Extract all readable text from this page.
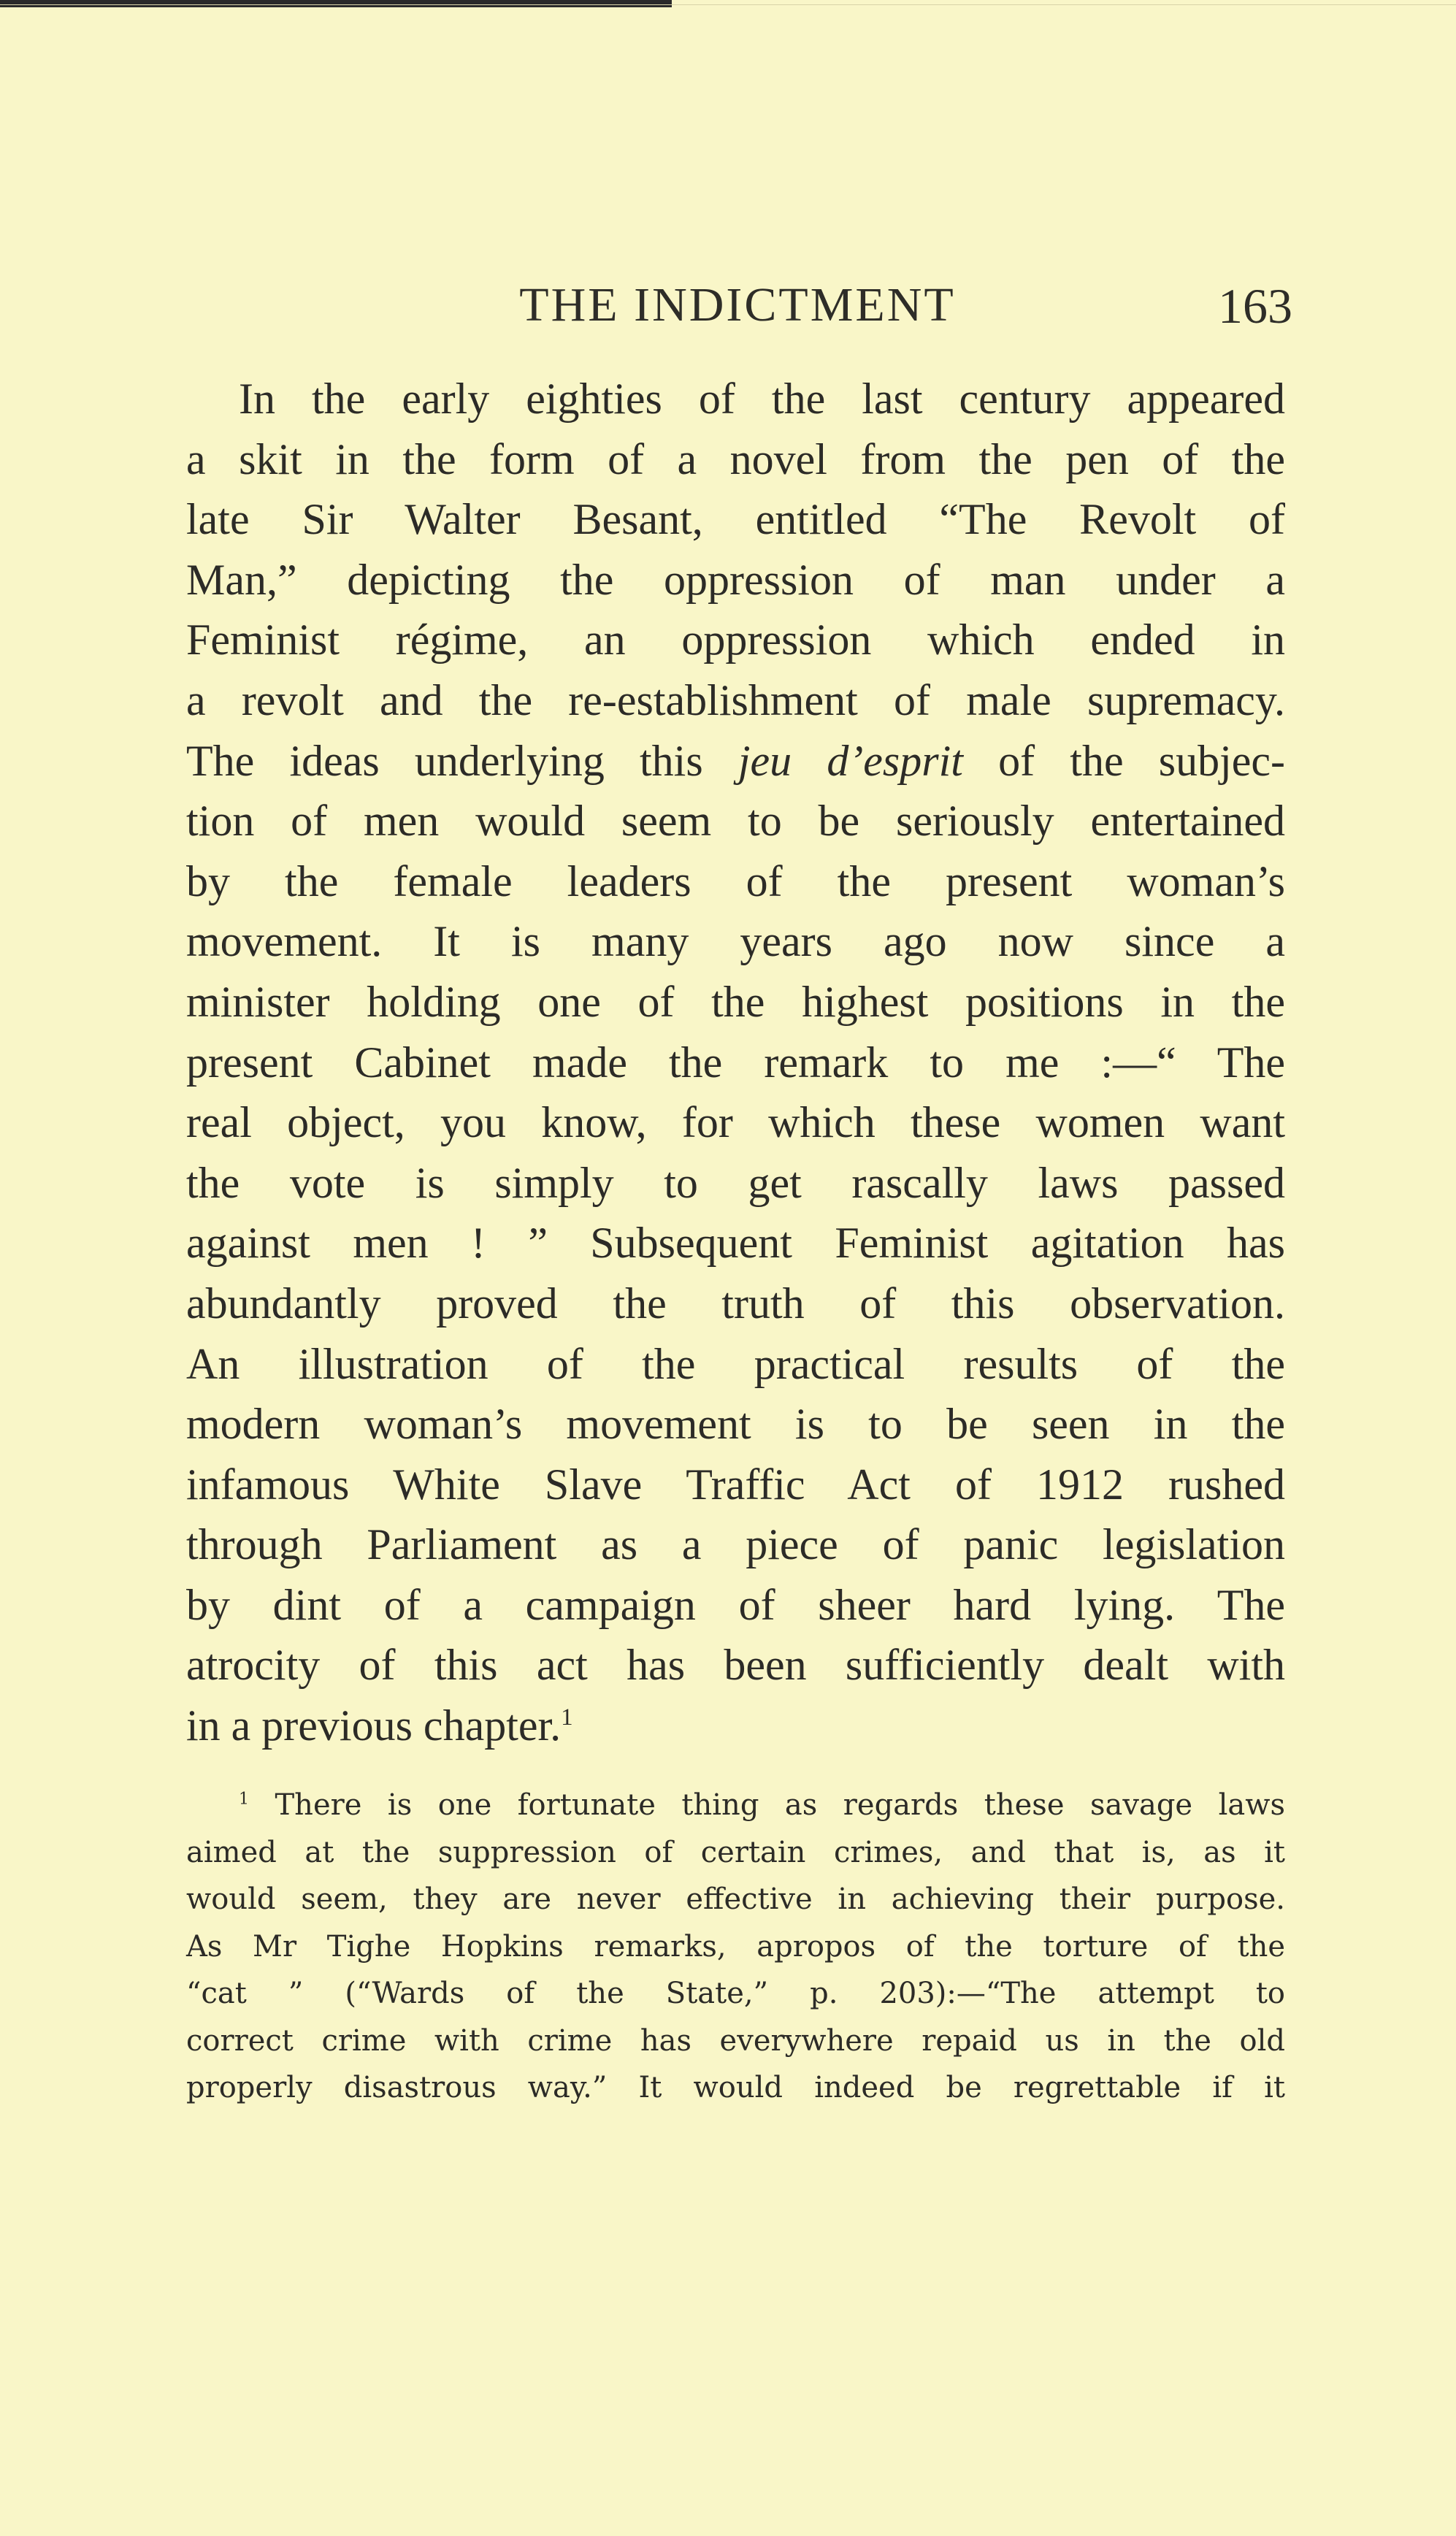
THE INDICTMENT	163
In the early eighties of the last century appeared
a skit in the form of a novel from the pen of the
late Sir Walter Besant, entitled “The Revolt of
Man,” depicting the oppression of man under a
Feminist régime, an oppression which ended in
a revolt and the re-establishment of male supremacy.
The ideas underlying this jeu d’esprit of the subjec-
tion of men would seem to be seriously entertained
by the female leaders of the present woman’s
movement. It is many years ago now since a
minister holding one of the highest positions in the
present Cabinet made the remark to me :—“ The
real object, you know, for which these women want
the vote is simply to get rascally laws passed
against men ! ” Subsequent Feminist agitation has
abundantly proved the truth of this observation.
An illustration of the practical results of the
modern woman’s movement is to be seen in the
infamous White Slave Traffic Act of 1912 rushed
through Parliament as a piece of panic legislation
by dint of a campaign of sheer hard lying. The
atrocity of this act has been sufficiently dealt with
in a previous chapter.$^1$
$^1$ There is one fortunate thing as regards these savage laws
aimed at the suppression of certain crimes, and that is, as it
would seem, they are never effective in achieving their purpose.
As Mr Tighe Hopkins remarks, apropos of the torture of the
“cat ” (“Wards of the State,” p. 203):—“The attempt to
correct crime with crime has everywhere repaid us in the old
properly disastrous way.” It would indeed be regrettable if it
